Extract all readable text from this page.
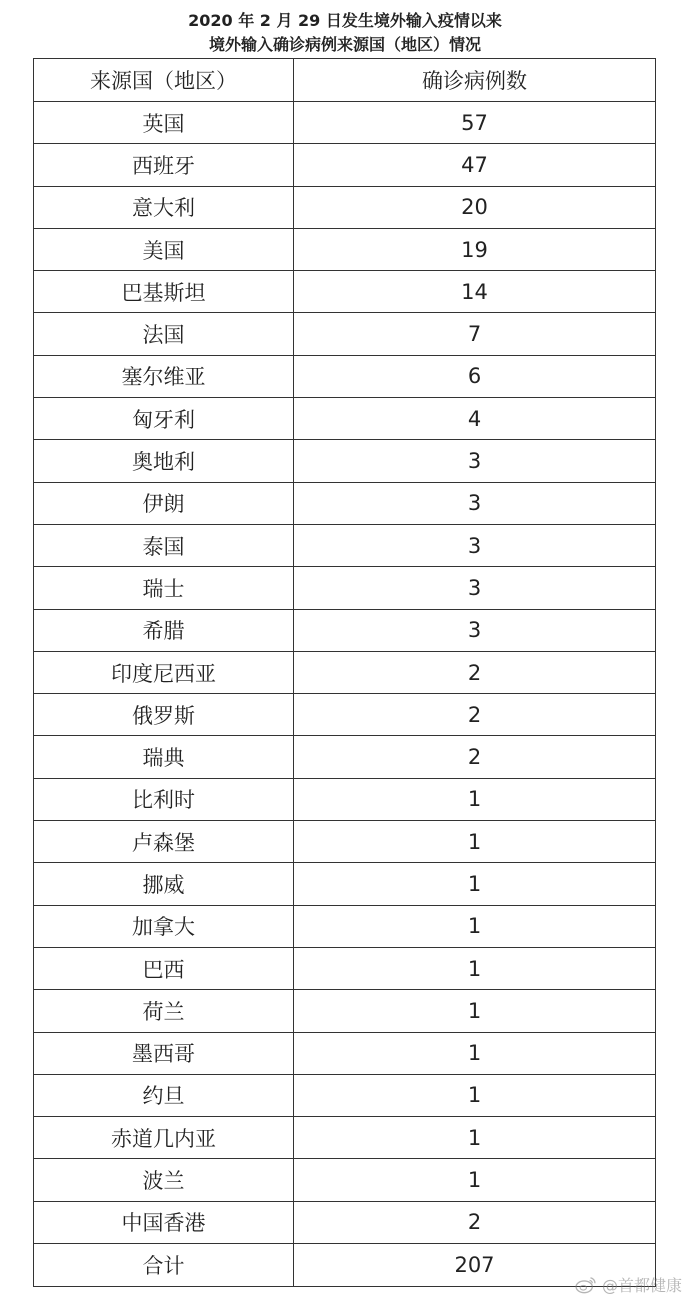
2020 年 2 月 29 日发生境外输入疫情以来
境外输入确诊病例来源国（地区）情况
来源国（地区）	确诊病例数
英国	57
西班牙	47
意大利	20
美国	19
巴基斯坦	14
法国	7
塞尔维亚	6
匈牙利	4
奥地利	3
伊朗	3
泰国	3
瑞士	3
希腊	3
印度尼西亚	2
俄罗斯	2
瑞典	2
比利时	1
卢森堡	1
挪威	1
加拿大	1
巴西	1
荷兰	1
墨西哥	1
约旦	1
赤道几内亚	1
波兰	1
中国香港	2
合计	207
@首都健康
